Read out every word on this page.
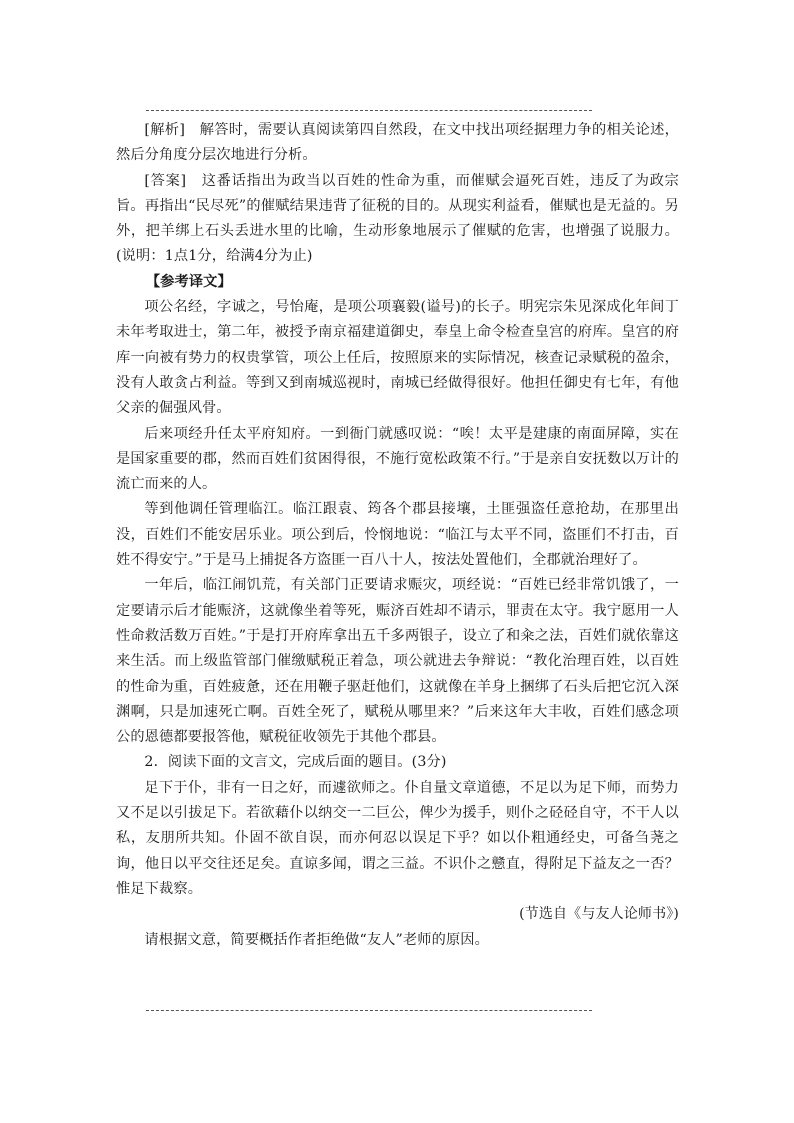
[解析]　 解答时，需要认真阅读第四自然段，在文中找出项经据理力争的相关论述，然后分角度分层次地进行分析。

[答案]　 这番话指出为政当以百姓的性命为重，而催赋会逼死百姓，违反了为政宗旨。再指出“民尽死”的催赋结果违背了征税的目的。从现实利益看，催赋也是无益的。另外，把羊绑上石头丢进水里的比喻，生动形象地展示了催赋的危害，也增强了说服力。(说明：1点1分，给满4分为止)

【参考译文】

项公名经，字诚之，号怡庵，是项公项襄毅(谥号)的长子。明宪宗朱见深成化年间丁未年考取进士，第二年，被授予南京福建道御史，奉皇上命令检查皇宫的府库。皇宫的府库一向被有势力的权贵掌管，项公上任后，按照原来的实际情况，核查记录赋税的盈余，没有人敢贪占利益。等到又到南城巡视时，南城已经做得很好。他担任御史有七年，有他父亲的倔强风骨。

后来项经升任太平府知府。一到衙门就感叹说：“唉！太平是建康的南面屏障，实在是国家重要的郡，然而百姓们贫困得很，不施行宽松政策不行。”于是亲自安抚数以万计的流亡而来的人。

等到他调任管理临江。临江跟袁、筠各个郡县接壤，土匪强盗任意抢劫，在那里出没，百姓们不能安居乐业。项公到后，怜悯地说：“临江与太平不同，盗匪们不打击，百姓不得安宁。”于是马上捕捉各方盗匪一百八十人，按法处置他们，全郡就治理好了。

一年后，临江闹饥荒，有关部门正要请求赈灾，项经说：“百姓已经非常饥饿了，一定要请示后才能赈济，这就像坐着等死，赈济百姓却不请示，罪责在太守。我宁愿用一人性命救活数万百姓。”于是打开府库拿出五千多两银子，设立了和籴之法，百姓们就依靠这来生活。而上级监管部门催缴赋税正着急，项公就进去争辩说：“教化治理百姓，以百姓的性命为重，百姓疲惫，还在用鞭子驱赶他们，这就像在羊身上捆绑了石头后把它沉入深渊啊，只是加速死亡啊。百姓全死了，赋税从哪里来？”后来这年大丰收，百姓们感念项公的恩德都要报答他，赋税征收领先于其他个郡县。

2．阅读下面的文言文，完成后面的题目。(3分)

足下于仆，非有一日之好，而遽欲师之。仆自量文章道德，不足以为足下师，而势力又不足以引拔足下。若欲藉仆以纳交一二巨公，俾少为援手，则仆之硁硁自守，不干人以私，友朋所共知。仆固不欲自误，而亦何忍以误足下乎？如以仆粗通经史，可备刍荛之询，他日以平交往还足矣。直谅多闻，谓之三益。不识仆之戆直，得附足下益友之一否？惟足下裁察。

(节选自《与友人论师书》)

请根据文意，简要概括作者拒绝做“友人”老师的原因。
